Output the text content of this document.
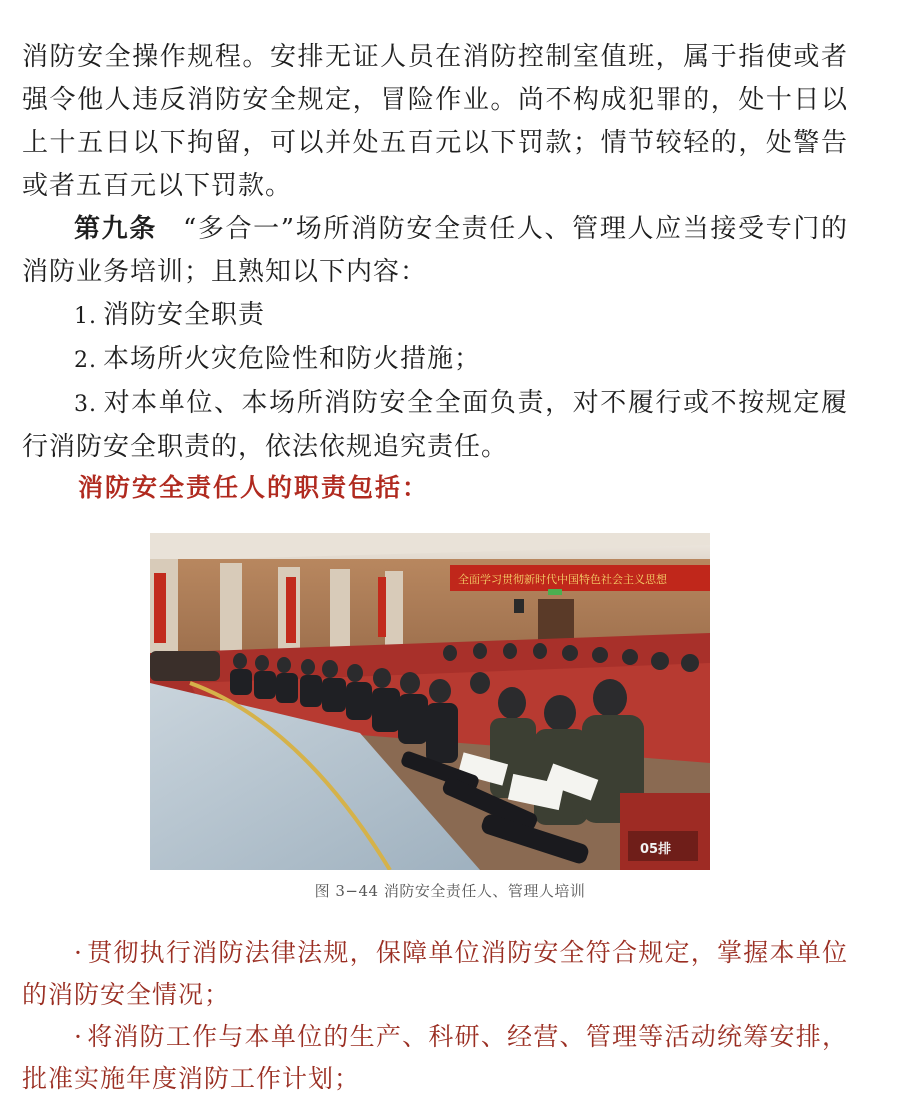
消防安全操作规程。安排无证人员在消防控制室值班，属于指使或者强令他人违反消防安全规定，冒险作业。尚不构成犯罪的，处十日以上十五日以下拘留，可以并处五百元以下罚款；情节较轻的，处警告或者五百元以下罚款。

第九条 “多合一”场所消防安全责任人、管理人应当接受专门的消防业务培训；且熟知以下内容：

1. 消防安全职责
2. 本场所火灾危险性和防火措施；
3. 对本单位、本场所消防安全全面负责，对不履行或不按规定履行消防安全职责的，依法依规追究责任。
消防安全责任人的职责包括：
全面学习贯彻新时代中国特色社会主义思想
05排
图 3−44 消防安全责任人、管理人培训
· 贯彻执行消防法律法规，保障单位消防安全符合规定，掌握本单位的消防安全情况；
· 将消防工作与本单位的生产、科研、经营、管理等活动统筹安排，批准实施年度消防工作计划；
